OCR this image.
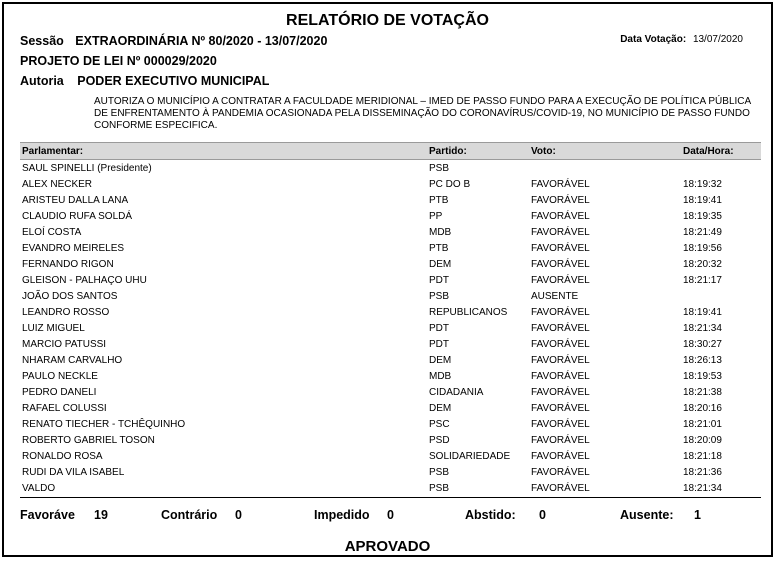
RELATÓRIO DE VOTAÇÃO
Sessão EXTRAORDINÁRIA Nº 80/2020 - 13/07/2020	Data Votação: 13/07/2020
PROJETO DE LEI Nº 000029/2020
Autoria PODER EXECUTIVO MUNICIPAL
AUTORIZA O MUNICÍPIO A CONTRATAR A FACULDADE MERIDIONAL – IMED DE PASSO FUNDO PARA A EXECUÇÃO DE POLÍTICA PÚBLICA DE ENFRENTAMENTO À PANDEMIA OCASIONADA PELA DISSEMINAÇÃO DO CORONAVÍRUS/COVID-19, NO MUNICÍPIO DE PASSO FUNDO CONFORME ESPECIFICA.
Parlamentar:	Partido:	Voto:	Data/Hora:
SAUL SPINELLI (Presidente)	PSB
ALEX NECKER	PC DO B	FAVORÁVEL	18:19:32
ARISTEU DALLA LANA	PTB	FAVORÁVEL	18:19:41
CLAUDIO RUFA SOLDÁ	PP	FAVORÁVEL	18:19:35
ELOÍ COSTA	MDB	FAVORÁVEL	18:21:49
EVANDRO MEIRELES	PTB	FAVORÁVEL	18:19:56
FERNANDO RIGON	DEM	FAVORÁVEL	18:20:32
GLEISON - PALHAÇO UHU	PDT	FAVORÁVEL	18:21:17
JOÃO DOS SANTOS	PSB	AUSENTE
LEANDRO ROSSO	REPUBLICANOS	FAVORÁVEL	18:19:41
LUIZ MIGUEL	PDT	FAVORÁVEL	18:21:34
MARCIO PATUSSI	PDT	FAVORÁVEL	18:30:27
NHARAM CARVALHO	DEM	FAVORÁVEL	18:26:13
PAULO NECKLE	MDB	FAVORÁVEL	18:19:53
PEDRO DANELI	CIDADANIA	FAVORÁVEL	18:21:38
RAFAEL COLUSSI	DEM	FAVORÁVEL	18:20:16
RENATO TIECHER - TCHÊQUINHO	PSC	FAVORÁVEL	18:21:01
ROBERTO GABRIEL TOSON	PSD	FAVORÁVEL	18:20:09
RONALDO ROSA	SOLIDARIEDADE	FAVORÁVEL	18:21:18
RUDI DA VILA ISABEL	PSB	FAVORÁVEL	18:21:36
VALDO	PSB	FAVORÁVEL	18:21:34
Favoráve 19	Contrário 0	Impedido 0	Abstido: 0	Ausente: 1
APROVADO
